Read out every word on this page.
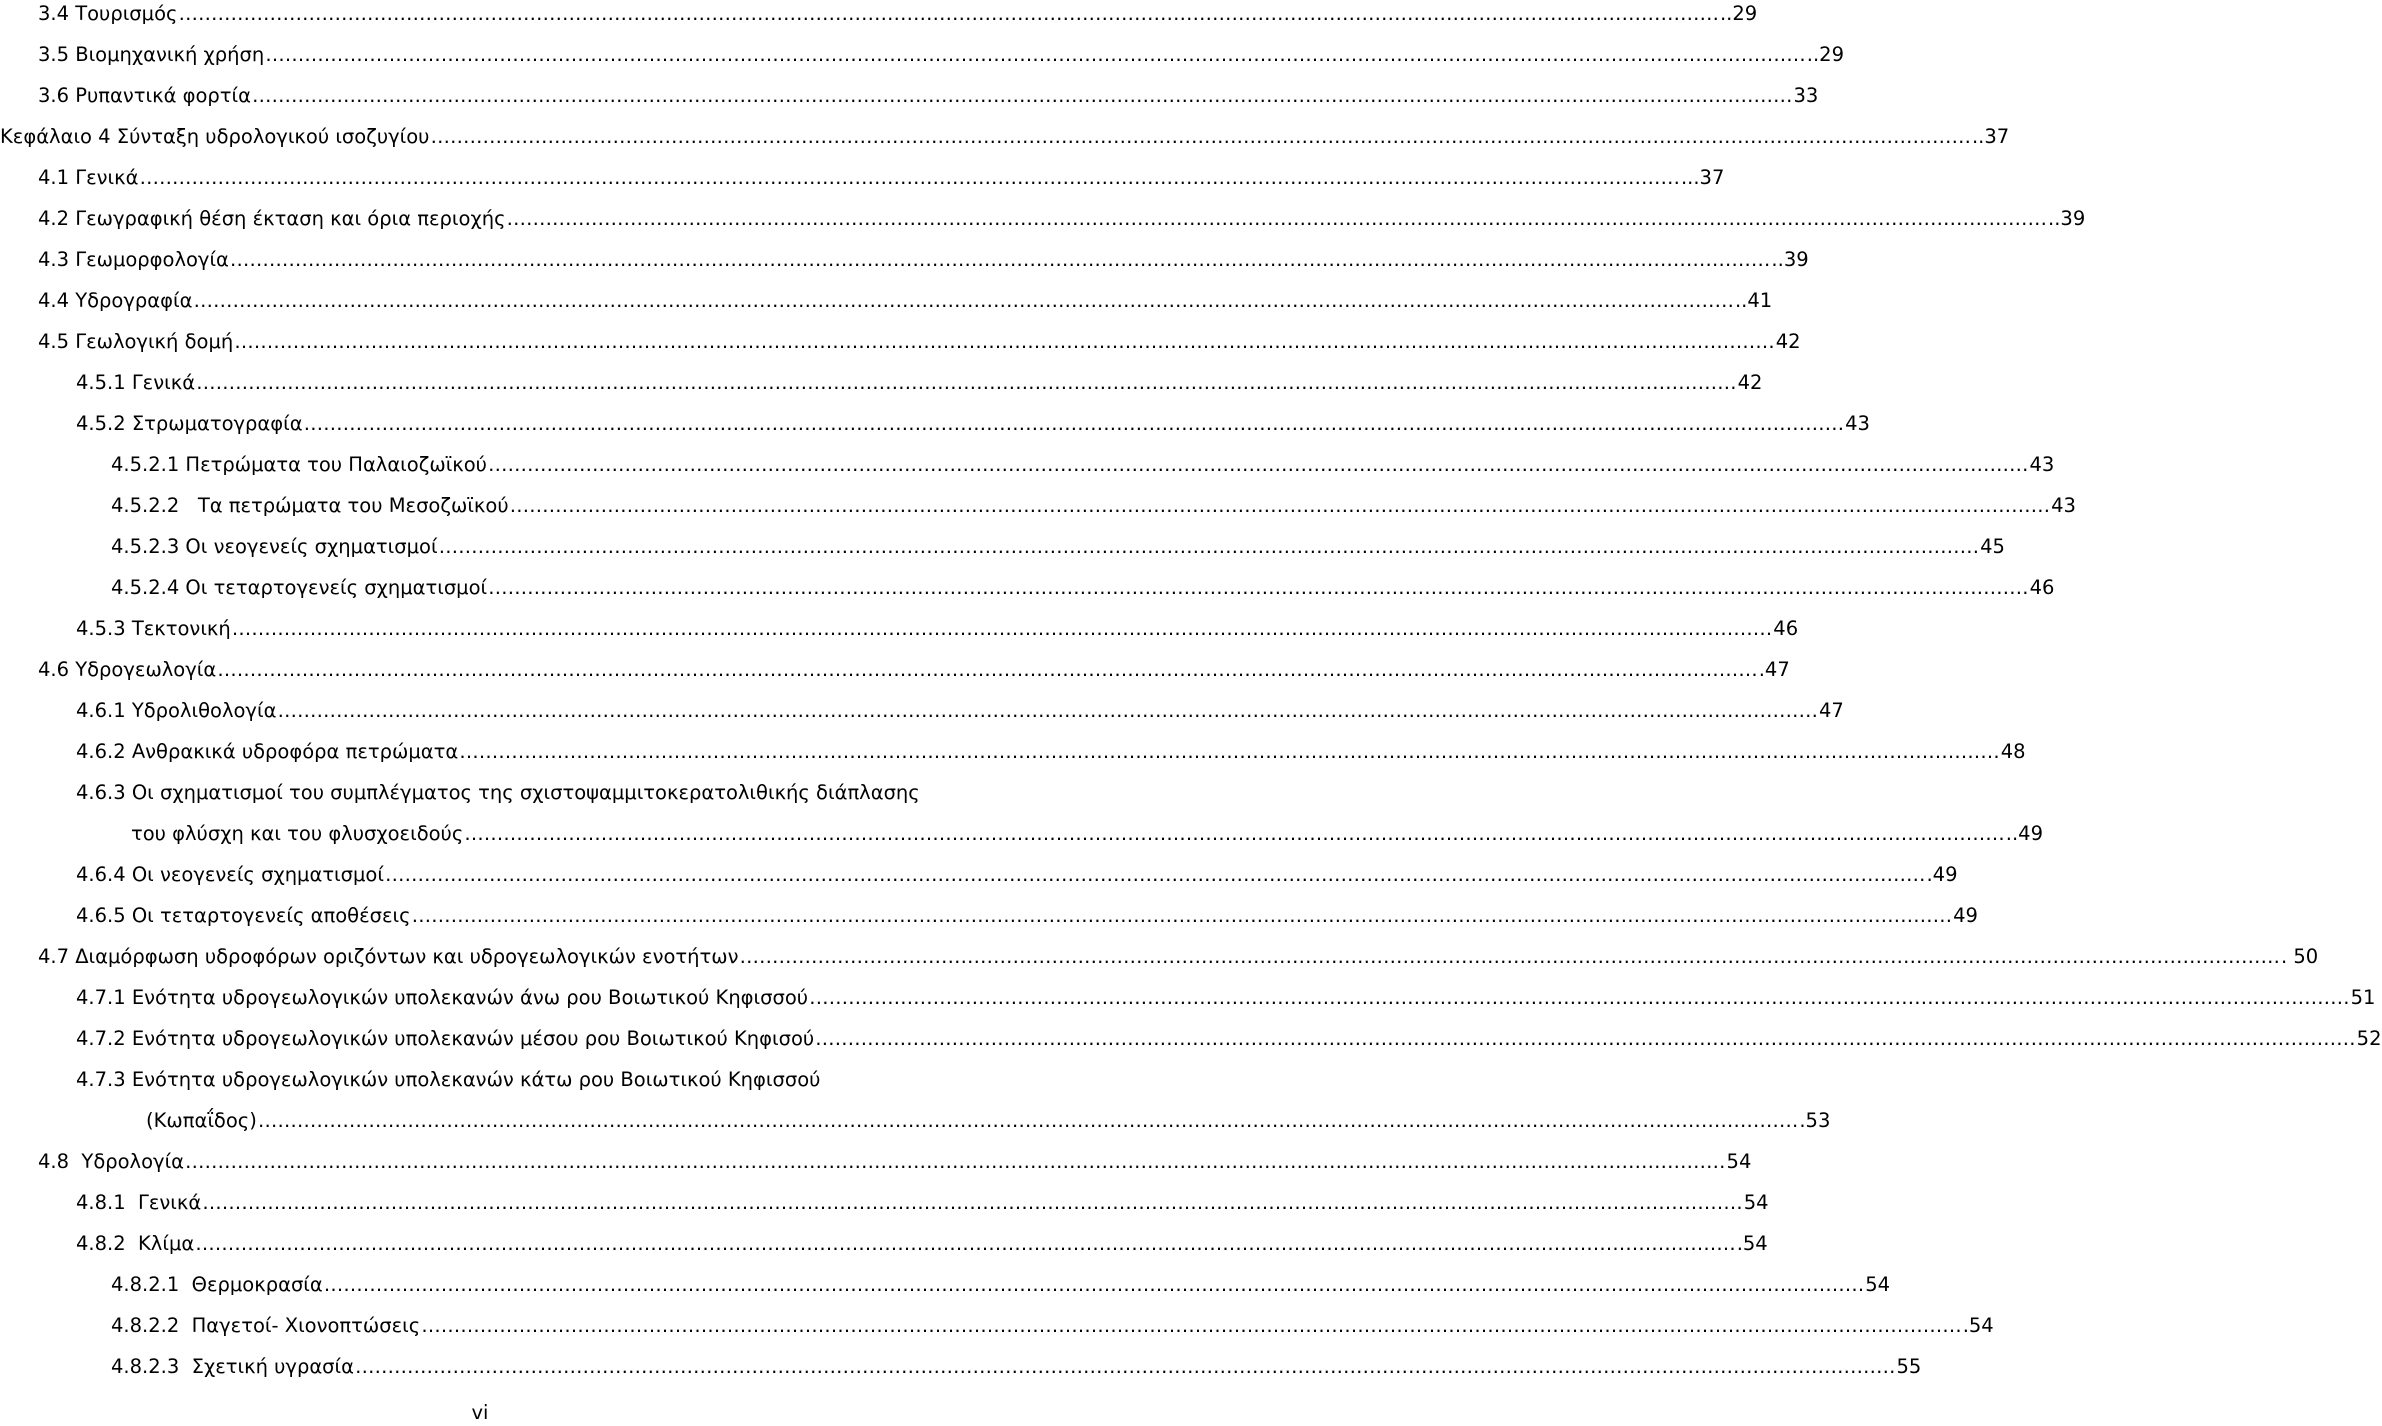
3.4 Τουρισμός …………………………………………………………………………………………………………………………………………………………………………………………………………………	..29
3.5 Βιομηχανική χρήση …………………………………………………………………………………………………………………………………………………………………………………………………………………	..29
3.6 Ρυπαντικά φορτία …………………………………………………………………………………………………………………………………………………………………………………………………………………	33
Κεφάλαιο 4 Σύνταξη υδρολογικού ισοζυγίου …………………………………………………………………………………………………………………………………………………………………………………………………………………	..37
4.1 Γενικά …………………………………………………………………………………………………………………………………………………………………………………………………………………	...37
4.2 Γεωγραφική θέση έκταση και όρια περιοχής …………………………………………………………………………………………………………………………………………………………………………………………………………………	..39
4.3 Γεωμορφολογία …………………………………………………………………………………………………………………………………………………………………………………………………………………	..39
4.4 Υδρογραφία …………………………………………………………………………………………………………………………………………………………………………………………………………………	..41
4.5 Γεωλογική δομή …………………………………………………………………………………………………………………………………………………………………………………………………………………	42
4.5.1 Γενικά …………………………………………………………………………………………………………………………………………………………………………………………………………………	42
4.5.2 Στρωματογραφία …………………………………………………………………………………………………………………………………………………………………………………………………………………	43
4.5.2.1 Πετρώματα του Παλαιοζωϊκού …………………………………………………………………………………………………………………………………………………………………………………………………………………	43
4.5.2.2   Τα πετρώματα του Μεσοζωϊκού …………………………………………………………………………………………………………………………………………………………………………………………………………………	43
4.5.2.3 Οι νεογενείς σχηματισμοί …………………………………………………………………………………………………………………………………………………………………………………………………………………	45
4.5.2.4 Οι τεταρτογενείς σχηματισμοί …………………………………………………………………………………………………………………………………………………………………………………………………………………	46
4.5.3 Τεκτονική …………………………………………………………………………………………………………………………………………………………………………………………………………………	46
4.6 Υδρογεωλογία …………………………………………………………………………………………………………………………………………………………………………………………………………………	.47
4.6.1 Υδρολιθολογία …………………………………………………………………………………………………………………………………………………………………………………………………………………	47
4.6.2 Ανθρακικά υδροφόρα πετρώματα …………………………………………………………………………………………………………………………………………………………………………………………………………………	48
4.6.3 Οι σχηματισμοί του συμπλέγματος της σχιστοψαμμιτοκερατολιθικής διάπλασης
του φλύσχη και του φλυσχοειδούς …………………………………………………………………………………………………………………………………………………………………………………………………………………	..49
4.6.4 Οι νεογενείς σχηματισμοί …………………………………………………………………………………………………………………………………………………………………………………………………………………	.49
4.6.5 Οι τεταρτογενείς αποθέσεις …………………………………………………………………………………………………………………………………………………………………………………………………………………	49
4.7 Διαμόρφωση υδροφόρων οριζόντων και υδρογεωλογικών ενοτήτων …………………………………………………………………………………………………………………………………………………………………………………………………………………	. 50
4.7.1 Ενότητα υδρογεωλογικών υπολεκανών άνω ρου Βοιωτικού Κηφισσού …………………………………………………………………………………………………………………………………………………………………………………………………………………	51
4.7.2 Ενότητα υδρογεωλογικών υπολεκανών μέσου ρου Βοιωτικού Κηφισού …………………………………………………………………………………………………………………………………………………………………………………………………………………	52
4.7.3 Ενότητα υδρογεωλογικών υπολεκανών κάτω ρου Βοιωτικού Κηφισσού
(Κωπαΐδος) …………………………………………………………………………………………………………………………………………………………………………………………………………………	.53
4.8  Υδρολογία …………………………………………………………………………………………………………………………………………………………………………………………………………………	54
4.8.1  Γενικά …………………………………………………………………………………………………………………………………………………………………………………………………………………	54
4.8.2  Κλίμα …………………………………………………………………………………………………………………………………………………………………………………………………………………	.54
4.8.2.1  Θερμοκρασία …………………………………………………………………………………………………………………………………………………………………………………………………………………	54
4.8.2.2  Παγετοί- Χιονοπτώσεις …………………………………………………………………………………………………………………………………………………………………………………………………………………	.54
4.8.2.3  Σχετική υγρασία …………………………………………………………………………………………………………………………………………………………………………………………………………………	55
vi
